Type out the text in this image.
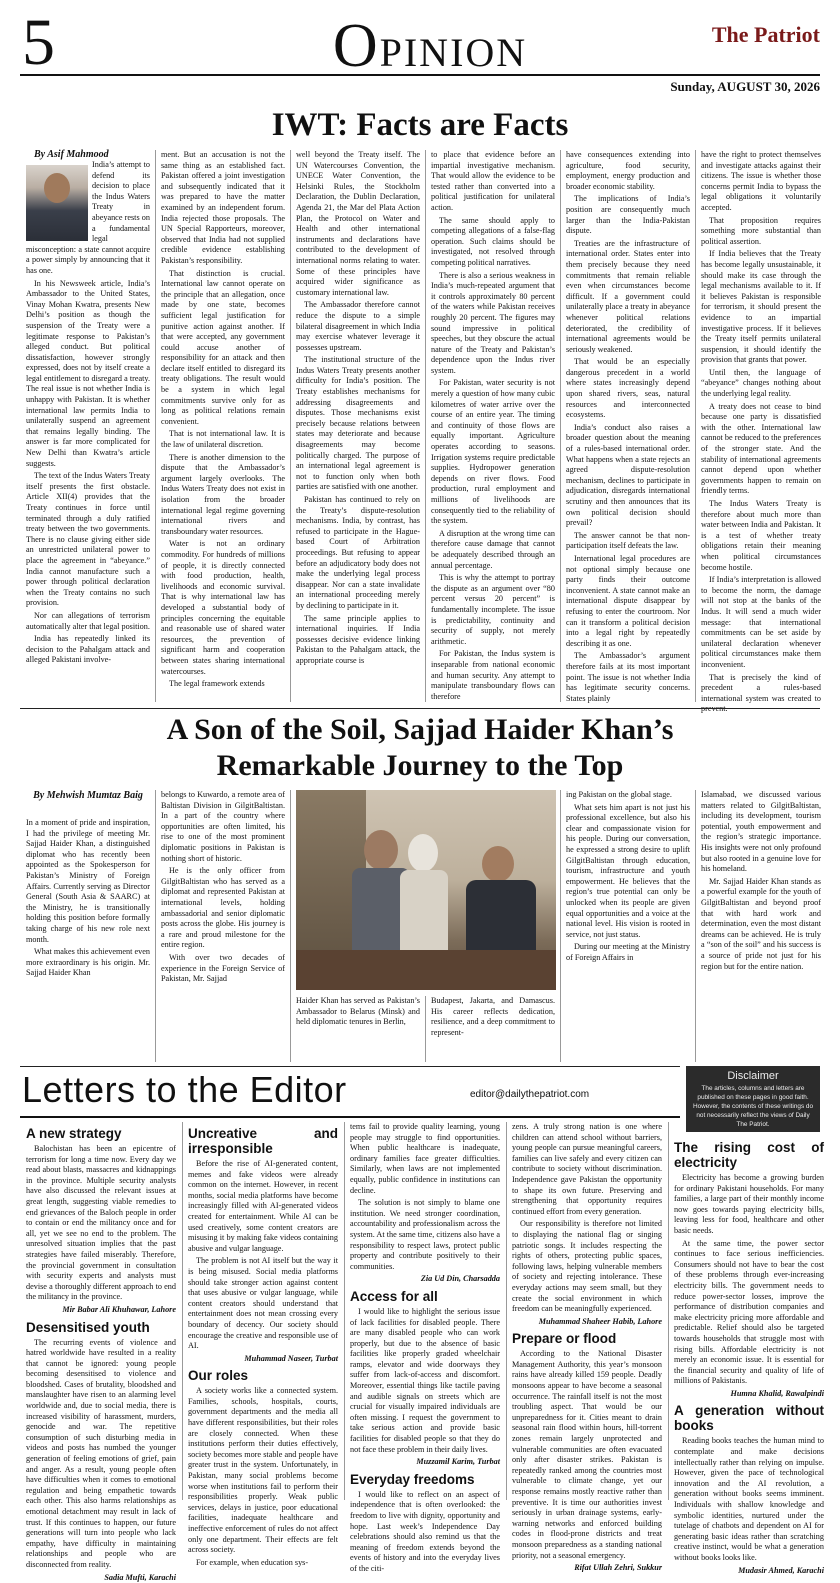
5	OPINION	The Patriot
Sunday, AUGUST 30, 2026
IWT: Facts are Facts
By Asif Mahmood

India’s attempt to defend its decision to place the Indus Waters Treaty in abeyance rests on a fundamental legal misconception: a state cannot acquire a power simply by announcing that it has one.

In his Newsweek article, India’s Ambassador to the United States, Vinay Mohan Kwatra, presents New Delhi’s position as though the suspension of the Treaty were a legitimate response to Pakistan’s alleged conduct. But political dissatisfaction, however strongly expressed, does not by itself create a legal entitlement to disregard a treaty. The real issue is not whether India is unhappy with Pakistan. It is whether international law permits India to unilaterally suspend an agreement that remains legally binding. The answer is far more complicated for New Delhi than Kwatra’s article suggests.

The text of the Indus Waters Treaty itself presents the first obstacle. Article XII(4) provides that the Treaty continues in force until terminated through a duly ratified treaty between the two governments. There is no clause giving either side an unrestricted unilateral power to place the agreement in “abeyance.” India cannot manufacture such a power through political declaration when the Treaty contains no such provision.

Nor can allegations of terrorism automatically alter that legal position.

India has repeatedly linked its decision to the Pahalgam attack and alleged Pakistani involve-

ment. But an accusation is not the same thing as an established fact. Pakistan offered a joint investigation and subsequently indicated that it was prepared to have the matter examined by an independent forum. India rejected those proposals. The UN Special Rapporteurs, moreover, observed that India had not supplied credible evidence establishing Pakistan’s responsibility.

That distinction is crucial. International law cannot operate on the principle that an allegation, once made by one state, becomes sufficient legal justification for punitive action against another. If that were accepted, any government could accuse another of responsibility for an attack and then declare itself entitled to disregard its treaty obligations. The result would be a system in which legal commitments survive only for as long as political relations remain convenient.

That is not international law. It is the law of unilateral discretion.

There is another dimension to the dispute that the Ambassador’s argument largely overlooks. The Indus Waters Treaty does not exist in isolation from the broader international legal regime governing international rivers and transboundary water resources.

Water is not an ordinary commodity. For hundreds of millions of people, it is directly connected with food production, health, livelihoods and economic survival. That is why international law has developed a substantial body of principles concerning the equitable and reasonable use of shared water resources, the prevention of significant harm and cooperation between states sharing international watercourses.

The legal framework extends

well beyond the Treaty itself. The UN Watercourses Convention, the UNECE Water Convention, the Helsinki Rules, the Stockholm Declaration, the Dublin Declaration, Agenda 21, the Mar del Plata Action Plan, the Protocol on Water and Health and other international instruments and declarations have contributed to the development of international norms relating to water. Some of these principles have acquired wider significance as customary international law.

The Ambassador therefore cannot reduce the dispute to a simple bilateral disagreement in which India may exercise whatever leverage it possesses upstream.

The institutional structure of the Indus Waters Treaty presents another difficulty for India’s position. The Treaty establishes mechanisms for addressing disagreements and disputes. Those mechanisms exist precisely because relations between states may deteriorate and because disagreements may become politically charged. The purpose of an international legal agreement is not to function only when both parties are satisfied with one another.

Pakistan has continued to rely on the Treaty’s dispute-resolution mechanisms. India, by contrast, has refused to participate in the Hague-based Court of Arbitration proceedings. But refusing to appear before an adjudicatory body does not make the underlying legal process disappear. Nor can a state invalidate an international proceeding merely by declining to participate in it.

The same principle applies to international inquiries. If India possesses decisive evidence linking Pakistan to the Pahalgam attack, the appropriate course is

to place that evidence before an impartial investigative mechanism. That would allow the evidence to be tested rather than converted into a political justification for unilateral action.

The same should apply to competing allegations of a false-flag operation. Such claims should be investigated, not resolved through competing political narratives.

There is also a serious weakness in India’s much-repeated argument that it controls approximately 80 percent of the waters while Pakistan receives roughly 20 percent. The figures may sound impressive in political speeches, but they obscure the actual nature of the Treaty and Pakistan’s dependence upon the Indus river system.

For Pakistan, water security is not merely a question of how many cubic kilometres of water arrive over the course of an entire year. The timing and continuity of those flows are equally important. Agriculture operates according to seasons. Irrigation systems require predictable supplies. Hydropower generation depends on river flows. Food production, rural employment and millions of livelihoods are consequently tied to the reliability of the system.

A disruption at the wrong time can therefore cause damage that cannot be adequately described through an annual percentage.

This is why the attempt to portray the dispute as an argument over “80 percent versus 20 percent” is fundamentally incomplete. The issue is predictability, continuity and security of supply, not merely arithmetic.

For Pakistan, the Indus system is inseparable from national economic and human security. Any attempt to manipulate transboundary flows can therefore

have consequences extending into agriculture, food security, employment, energy production and broader economic stability.

The implications of India’s position are consequently much larger than the India-Pakistan dispute.

Treaties are the infrastructure of international order. States enter into them precisely because they need commitments that remain reliable even when circumstances become difficult. If a government could unilaterally place a treaty in abeyance whenever political relations deteriorated, the credibility of international agreements would be seriously weakened.

That would be an especially dangerous precedent in a world where states increasingly depend upon shared rivers, seas, natural resources and interconnected ecosystems.

India’s conduct also raises a broader question about the meaning of a rules-based international order. What happens when a state rejects an agreed dispute-resolution mechanism, declines to participate in adjudication, disregards international scrutiny and then announces that its own political decision should prevail?

The answer cannot be that non-participation itself defeats the law.

International legal procedures are not optional simply because one party finds their outcome inconvenient. A state cannot make an international dispute disappear by refusing to enter the courtroom. Nor can it transform a political decision into a legal right by repeatedly describing it as one.

The Ambassador’s argument therefore fails at its most important point. The issue is not whether India has legitimate security concerns. States plainly

have the right to protect themselves and investigate attacks against their citizens. The issue is whether those concerns permit India to bypass the legal obligations it voluntarily accepted.

That proposition requires something more substantial than political assertion.

If India believes that the Treaty has become legally unsustainable, it should make its case through the legal mechanisms available to it. If it believes Pakistan is responsible for terrorism, it should present the evidence to an impartial investigative process. If it believes the Treaty itself permits unilateral suspension, it should identify the provision that grants that power.

Until then, the language of “abeyance” changes nothing about the underlying legal reality.

A treaty does not cease to bind because one party is dissatisfied with the other. International law cannot be reduced to the preferences of the stronger state. And the stability of international agreements cannot depend upon whether governments happen to remain on friendly terms.

The Indus Waters Treaty is therefore about much more than water between India and Pakistan. It is a test of whether treaty obligations retain their meaning when political circumstances become hostile.

If India’s interpretation is allowed to become the norm, the damage will not stop at the banks of the Indus. It will send a much wider message: that international commitments can be set aside by unilateral declaration whenever political circumstances make them inconvenient.

That is precisely the kind of precedent a rules-based international system was created to prevent.

A Son of the Soil, Sajjad Haider Khan’s
Remarkable Journey to the Top
By Mehwish Mumtaz Baig

In a moment of pride and inspiration, I had the privilege of meeting Mr. Sajjad Haider Khan, a distinguished diplomat who has recently been appointed as the Spokesperson for Pakistan’s Ministry of Foreign Affairs. Currently serving as Director General (South Asia & SAARC) at the Ministry, he is transitionally holding this position before formally taking charge of his new role next month.

What makes this achievement even more extraordinary is his origin. Mr. Sajjad Haider Khan

belongs to Kuwardo, a remote area of Baltistan Division in GilgitBaltistan. In a part of the country where opportunities are often limited, his rise to one of the most prominent diplomatic positions in Pakistan is nothing short of historic.

He is the only officer from GilgitBaltistan who has served as a diplomat and represented Pakistan at international levels, holding ambassadorial and senior diplomatic posts across the globe. His journey is a rare and proud milestone for the entire region.

With over two decades of experience in the Foreign Service of Pakistan, Mr. Sajjad

Haider Khan has served as Pakistan’s Ambassador to Belarus (Minsk) and held diplomatic tenures in Berlin,

Budapest, Jakarta, and Damascus. His career reflects dedication, resilience, and a deep commitment to represent-

ing Pakistan on the global stage.

What sets him apart is not just his professional excellence, but also his clear and compassionate vision for his people. During our conversation, he expressed a strong desire to uplift GilgitBaltistan through education, tourism, infrastructure and youth empowerment. He believes that the region’s true potential can only be unlocked when its people are given equal opportunities and a voice at the national level. His vision is rooted in service, not just status.

During our meeting at the Ministry of Foreign Affairs in

Islamabad, we discussed various matters related to GilgitBaltistan, including its development, tourism potential, youth empowerment and the region’s strategic importance. His insights were not only profound but also rooted in a genuine love for his homeland.

Mr. Sajjad Haider Khan stands as a powerful example for the youth of GilgitBaltistan and beyond proof that with hard work and determination, even the most distant dreams can be achieved. He is truly a “son of the soil” and his success is a source of pride not just for his region but for the entire nation.

Disclaimer
The articles, columns and letters are published on these pages in good faith. However, the contents of these writings do not necessarily reflect the views of Daily The Patriot.
Letters to the Editor	editor@dailythepatriot.com
A new strategy

Balochistan has been an epicentre of terrorism for long a time now. Every day we read about blasts, massacres and kidnappings in the province. Multiple security analysts have also discussed the relevant issues at great length, suggesting viable remedies to end grievances of the Baloch people in order to contain or end the militancy once and for all, yet we see no end to the problem. The unresolved situation implies that the past strategies have failed miserably. Therefore, the provincial government in consultation with security experts and analysts must devise a thoroughly different approach to end the militancy in the province.

Mir Babar Ali Khuhawar, Lahore

Desensitised youth

The recurring events of violence and hatred worldwide have resulted in a reality that cannot be ignored: young people becoming desensitised to violence and bloodshed. Cases of brutality, bloodshed and manslaughter have risen to an alarming level worldwide and, due to social media, there is increased visibility of harassment, murders, genocide and war. The repetitive consumption of such disturbing media in videos and posts has numbed the younger generation of feeling emotions of grief, pain and anger. As a result, young people often have difficulties when it comes to emotional regulation and being empathetic towards each other. This also harms relationships as emotional detachment may result in lack of trust. If this continues to happen, our future generations will turn into people who lack empathy, have difficulty in maintaining relationships and people who are disconnected from reality.

Sadia Mufti, Karachi

Uncreative and irresponsible

Before the rise of AI-generated content, memes and fake videos were already common on the internet. However, in recent months, social media platforms have become increasingly filled with AI-generated videos created for entertainment. While AI can be used creatively, some content creators are misusing it by making fake videos containing abusive and vulgar language.

The problem is not AI itself but the way it is being misused. Social media platforms should take stronger action against content that uses abusive or vulgar language, while content creators should understand that entertainment does not mean crossing every boundary of decency. Our society should encourage the creative and responsible use of AI.

Muhammad Naseer, Turbat

Our roles

A society works like a connected system. Families, schools, hospitals, courts, government departments and the media all have different responsibilities, but their roles are closely connected. When these institutions perform their duties effectively, society becomes more stable and people have greater trust in the system. Unfortunately, in Pakistan, many social problems become worse when institutions fail to perform their responsibilities properly. Weak public services, delays in justice, poor educational facilities, inadequate healthcare and ineffective enforcement of rules do not affect only one department. Their effects are felt across society.

For example, when education sys-

tems fail to provide quality learning, young people may struggle to find opportunities. When public healthcare is inadequate, ordinary families face greater difficulties. Similarly, when laws are not implemented equally, public confidence in institutions can decline.

The solution is not simply to blame one institution. We need stronger coordination, accountability and professionalism across the system. At the same time, citizens also have a responsibility to respect laws, protect public property and contribute positively to their communities.

Zia Ud Din, Charsadda

Access for all

I would like to highlight the serious issue of lack facilities for disabled people. There are many disabled people who can work properly, but due to the absence of basic facilities like properly graded wheelchair ramps, elevator and wide doorways they suffer from lack-of-access and discomfort. Moreover, essential things like tactile paving and audible signals on streets which are crucial for visually impaired individuals are often missing. I request the government to take serious action and provide basic facilities for disabled people so that they do not face these problem in their daily lives.

Muzzamil Karim, Turbat

Everyday freedoms

I would like to reflect on an aspect of independence that is often overlooked: the freedom to live with dignity, opportunity and hope. Last week’s Independence Day celebrations should also remind us that the meaning of freedom extends beyond the events of history and into the everyday lives of the citi-

zens. A truly strong nation is one where children can attend school without barriers, young people can pursue meaningful careers, families can live safely and every citizen can contribute to society without discrimination. Independence gave Pakistan the opportunity to shape its own future. Preserving and strengthening that opportunity requires continued effort from every generation.

Our responsibility is therefore not limited to displaying the national flag or singing patriotic songs. It includes respecting the rights of others, protecting public spaces, following laws, helping vulnerable members of society and rejecting intolerance. These everyday actions may seem small, but they create the social environment in which freedom can be meaningfully experienced.

Muhammad Shaheer Habib, Lahore

Prepare or flood

According to the National Disaster Management Authority, this year’s monsoon rains have already killed 159 people. Deadly monsoons appear to have become a seasonal occurrence. The rainfall itself is not the most troubling aspect. That would be our unpreparedness for it. Cities meant to drain seasonal rain flood within hours, hill-torrent zones remain largely unprotected and vulnerable communities are often evacuated only after disaster strikes. Pakistan is repeatedly ranked among the countries most vulnerable to climate change, yet our response remains mostly reactive rather than preventive. It is time our authorities invest seriously in urban drainage systems, early-warning networks and enforced building codes in flood-prone districts and treat monsoon preparedness as a standing national priority, not a seasonal emergency.

Rifat Ullah Zehri, Sukkur

The rising cost of electricity

Electricity has become a growing burden for ordinary Pakistani households. For many families, a large part of their monthly income now goes towards paying electricity bills, leaving less for food, healthcare and other basic needs.

At the same time, the power sector continues to face serious inefficiencies. Consumers should not have to bear the cost of these problems through ever-increasing electricity bills. The government needs to reduce power-sector losses, improve the performance of distribution companies and make electricity pricing more affordable and predictable. Relief should also be targeted towards households that struggle most with rising bills. Affordable electricity is not merely an economic issue. It is essential for the financial security and quality of life of millions of Pakistanis.

Humna Khalid, Rawalpindi

A generation without books

Reading books teaches the human mind to contemplate and make decisions intellectually rather than relying on impulse. However, given the pace of technological innovation and the AI revolution, a generation without books seems imminent. Individuals with shallow knowledge and symbolic identities, nurtured under the tutelage of chatbots and dependent on AI for generating basic ideas rather than scratching creative instinct, would be what a generation without books looks like.

Mudasir Ahmed, Karachi
